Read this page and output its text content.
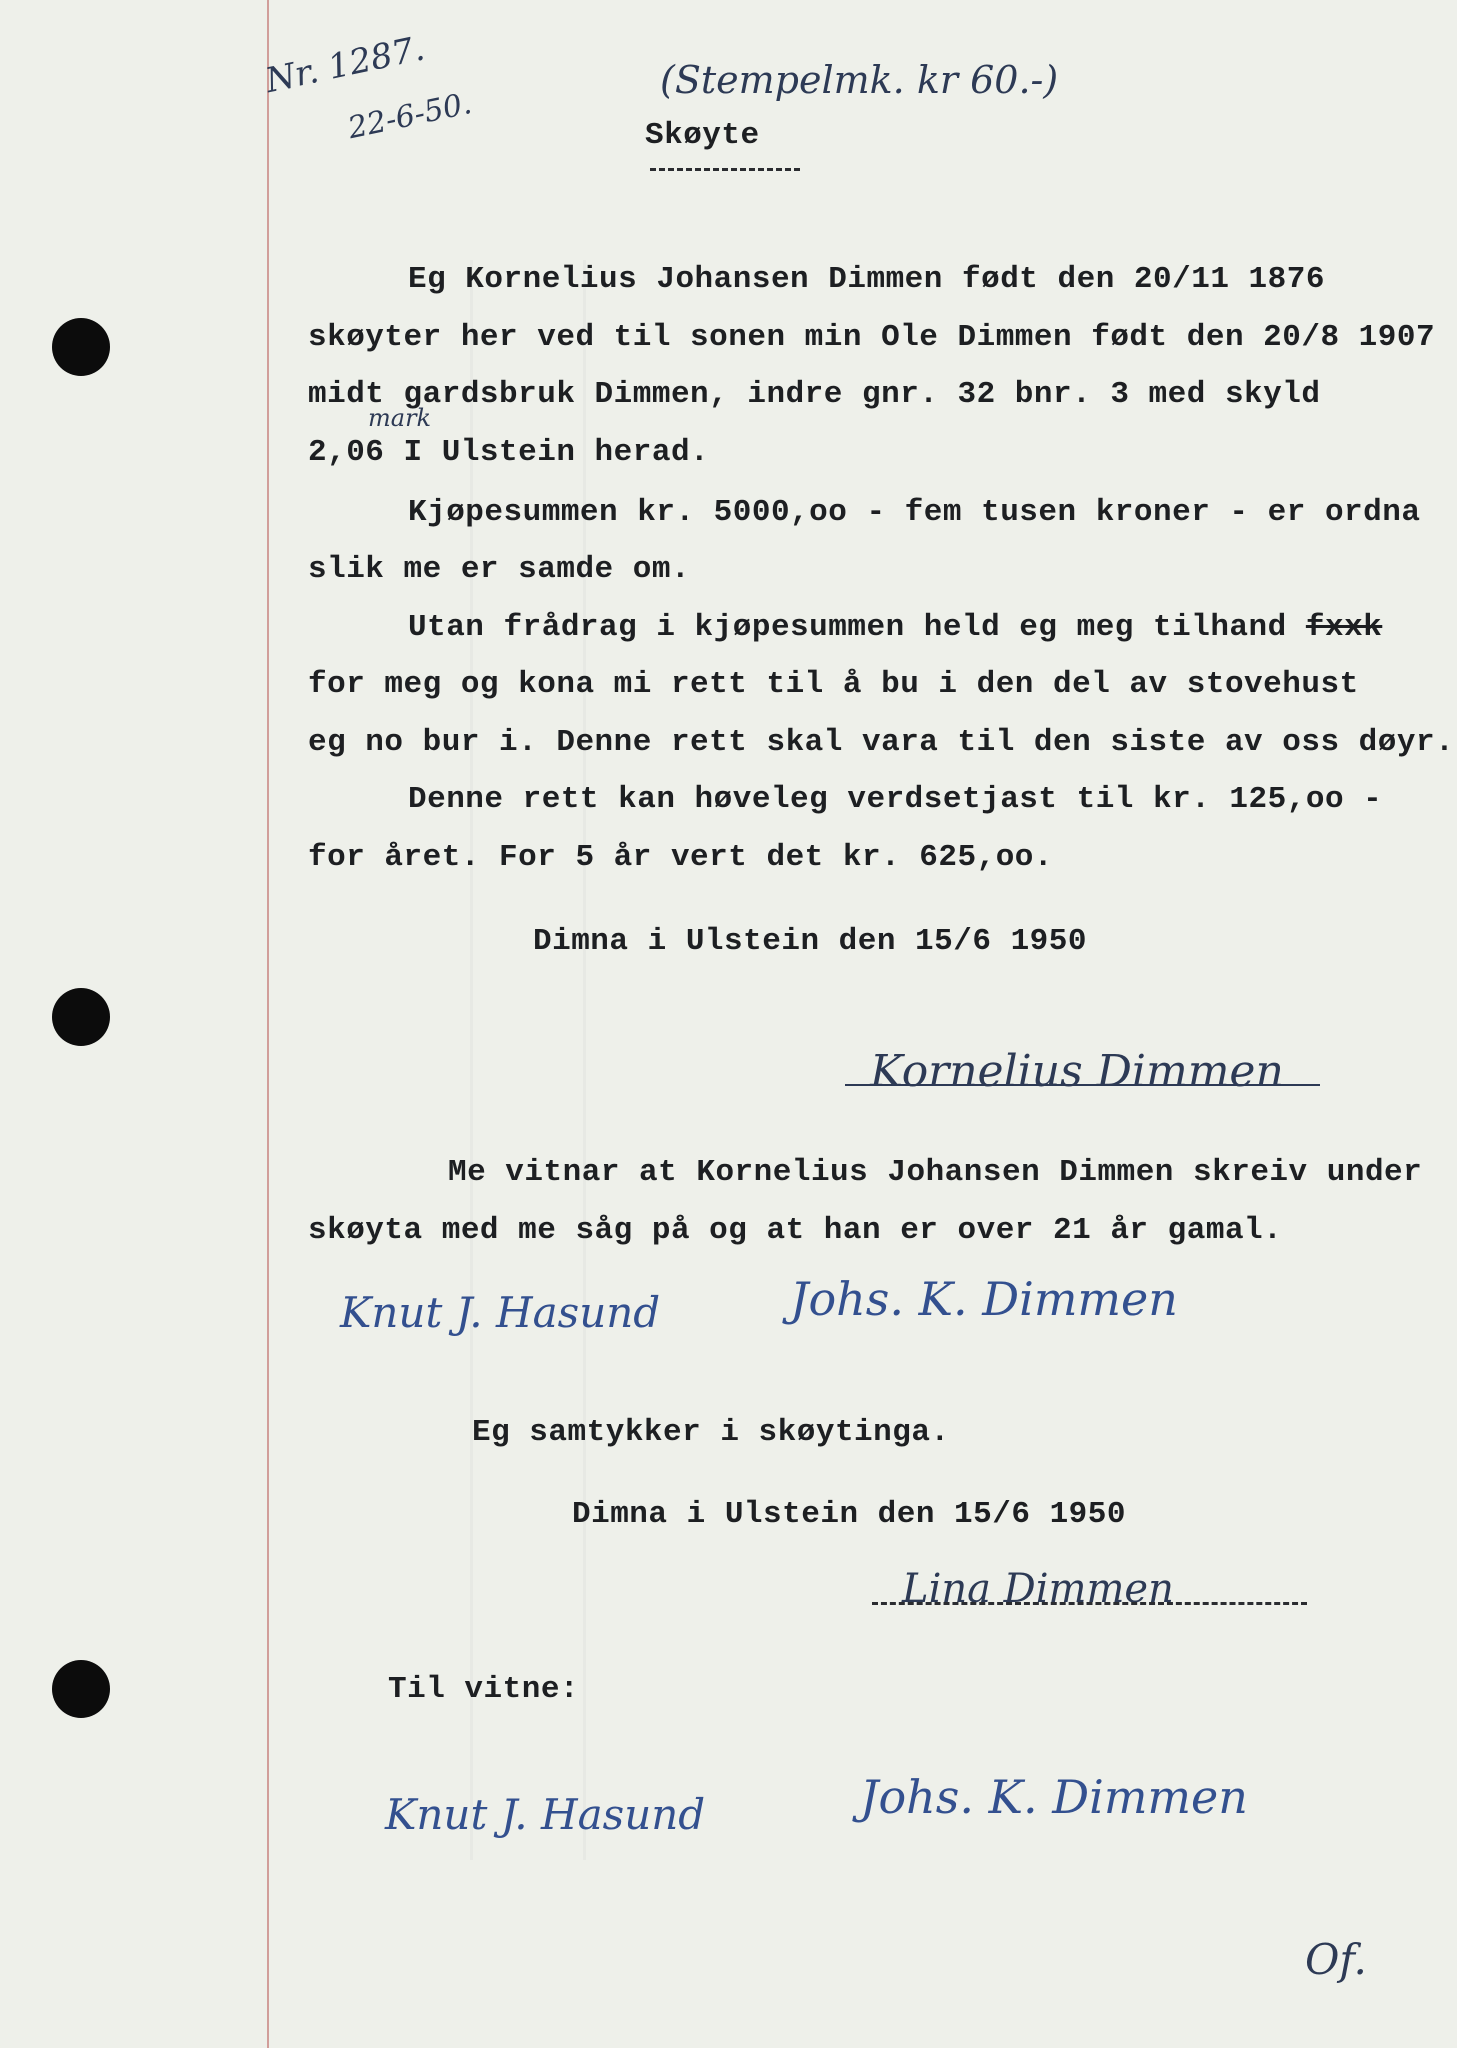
Nr. 1287.
22-6-50.
(Stempelmk. kr 60.-)
Skøyte
Eg Kornelius Johansen Dimmen født den 20/11 1876
skøyter her ved til sonen min Ole Dimmen født den 20/8 1907
midt gardsbruk Dimmen, indre gnr. 32 bnr. 3 med skyld
mark
2,06 I Ulstein herad.
Kjøpesummen kr. 5000,oo - fem tusen kroner - er ordna
slik me er samde om.
Utan frådrag i kjøpesummen held eg meg tilhand fxxk
for meg og kona mi rett til å bu i den del av stovehust
eg no bur i. Denne rett skal vara til den siste av oss døyr.
Denne rett kan høveleg verdsetjast til kr. 125,oo -
for året. For 5 år vert det kr. 625,oo.
Dimna i Ulstein den 15/6 1950
Kornelius Dimmen
Me vitnar at Kornelius Johansen Dimmen skreiv under
skøyta med me såg på og at han er over 21 år gamal.
Knut J. Hasund	Johs. K. Dimmen
Eg samtykker i skøytinga.
Dimna i Ulstein den 15/6 1950
Lina Dimmen
Til vitne:
Knut J. Hasund	Johs. K. Dimmen
Of.
